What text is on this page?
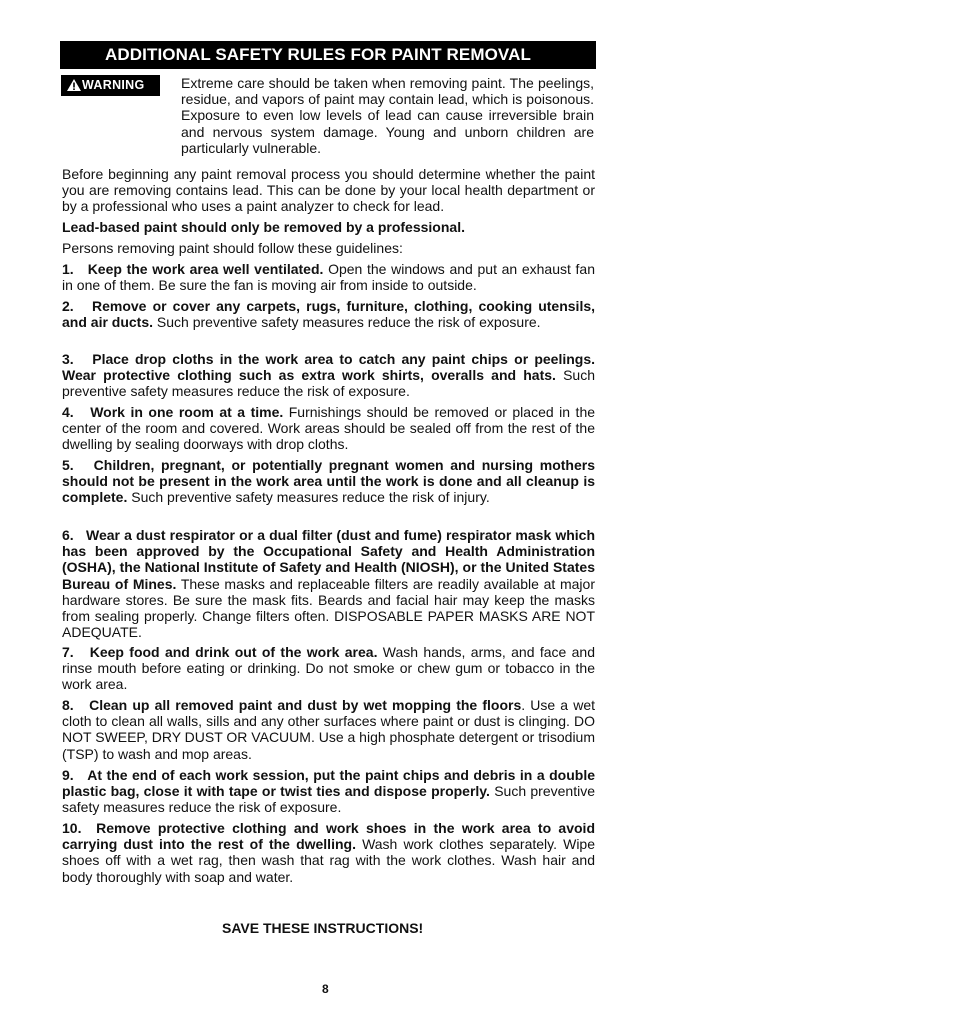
ADDITIONAL SAFETY RULES FOR PAINT REMOVAL
WARNING	Extreme care should be taken when removing paint. The peelings, residue, and vapors of paint may contain lead, which is poisonous. Exposure to even low levels of lead can cause irreversible brain and nervous system damage. Young and unborn children are particularly vulnerable.

Before beginning any paint removal process you should determine whether the paint you are removing contains lead. This can be done by your local health department or by a professional who uses a paint analyzer to check for lead.

Lead-based paint should only be removed by a professional.

Persons removing paint should follow these guidelines:

1. Keep the work area well ventilated. Open the windows and put an exhaust fan in one of them. Be sure the fan is moving air from inside to outside.
2. Remove or cover any carpets, rugs, furniture, clothing, cooking utensils, and air ducts. Such preventive safety measures reduce the risk of exposure.
3. Place drop cloths in the work area to catch any paint chips or peelings. Wear protective clothing such as extra work shirts, overalls and hats. Such preventive safety measures reduce the risk of exposure.
4. Work in one room at a time. Furnishings should be removed or placed in the center of the room and covered. Work areas should be sealed off from the rest of the dwelling by sealing doorways with drop cloths.
5. Children, pregnant, or potentially pregnant women and nursing mothers should not be present in the work area until the work is done and all cleanup is complete. Such preventive safety measures reduce the risk of injury.
6. Wear a dust respirator or a dual filter (dust and fume) respirator mask which has been approved by the Occupational Safety and Health Administration (OSHA), the National Institute of Safety and Health (NIOSH), or the United States Bureau of Mines. These masks and replaceable filters are readily available at major hardware stores. Be sure the mask fits. Beards and facial hair may keep the masks from sealing properly. Change filters often. DISPOSABLE PAPER MASKS ARE NOT ADEQUATE.
7. Keep food and drink out of the work area. Wash hands, arms, and face and rinse mouth before eating or drinking. Do not smoke or chew gum or tobacco in the work area.
8. Clean up all removed paint and dust by wet mopping the floors. Use a wet cloth to clean all walls, sills and any other surfaces where paint or dust is clinging. DO NOT SWEEP, DRY DUST OR VACUUM. Use a high phosphate detergent or trisodium (TSP) to wash and mop areas.
9. At the end of each work session, put the paint chips and debris in a double plastic bag, close it with tape or twist ties and dispose properly. Such preventive safety measures reduce the risk of exposure.
10. Remove protective clothing and work shoes in the work area to avoid carrying dust into the rest of the dwelling. Wash work clothes separately. Wipe shoes off with a wet rag, then wash that rag with the work clothes. Wash hair and body thoroughly with soap and water.
SAVE THESE INSTRUCTIONS!
8
